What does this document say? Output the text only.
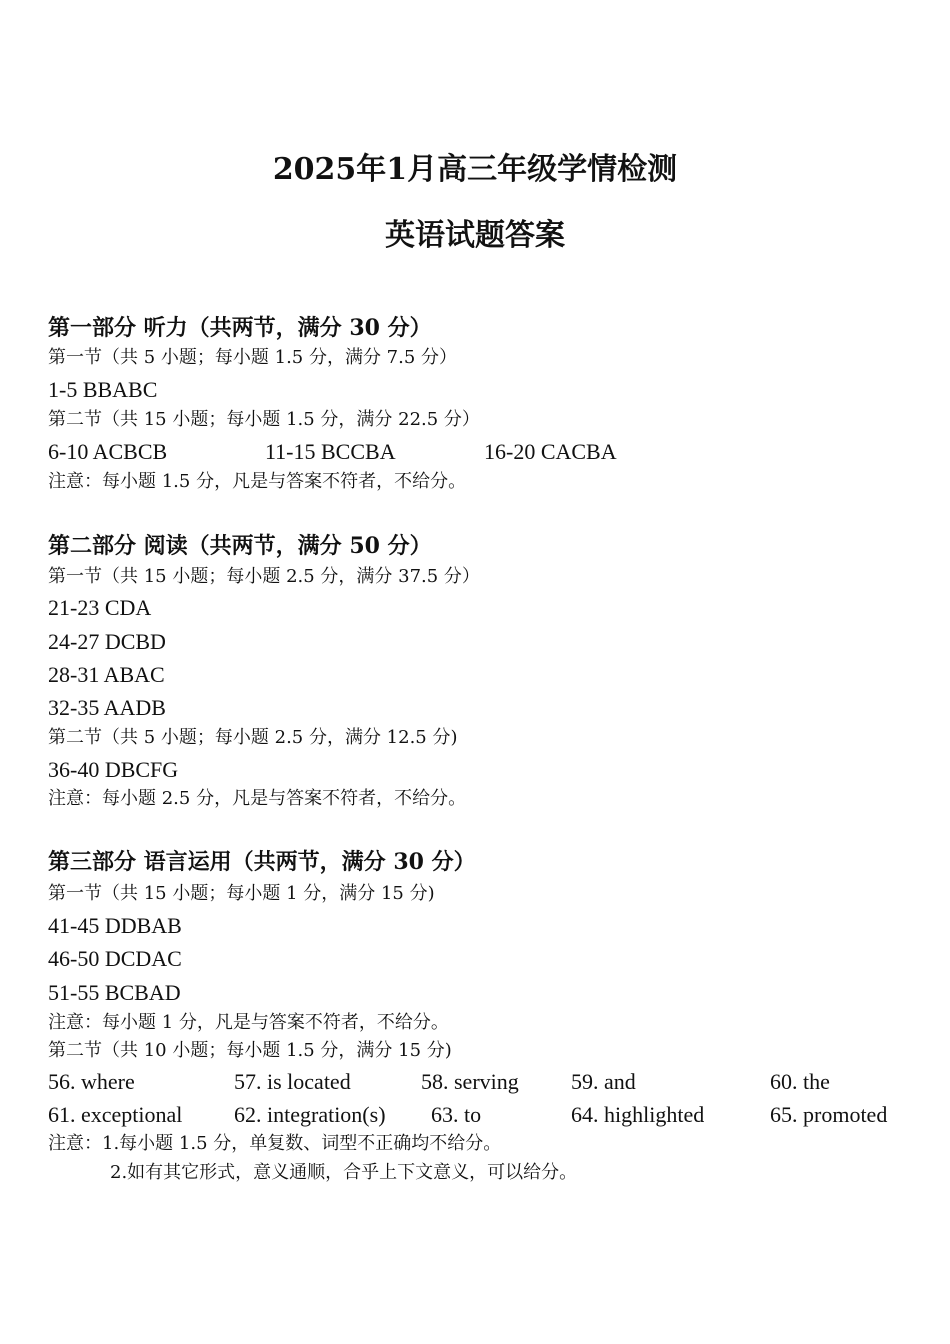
2025年1月高三年级学情检测
英语试题答案
第一部分 听力（共两节，满分 30 分）
第一节（共 5 小题；每小题 1.5 分，满分 7.5 分）
1-5 BBABC
第二节（共 15 小题；每小题 1.5 分，满分 22.5 分）
6-10 ACBCB	11-15 BCCBA	16-20 CACBA
注意：每小题 1.5 分，凡是与答案不符者，不给分。
第二部分 阅读（共两节，满分 50 分）
第一节（共 15 小题；每小题 2.5 分，满分 37.5 分）
21-23 CDA
24-27 DCBD
28-31 ABAC
32-35 AADB
第二节（共 5 小题；每小题 2.5 分，满分 12.5 分)
36-40 DBCFG
注意：每小题 2.5 分，凡是与答案不符者，不给分。
第三部分 语言运用（共两节，满分 30 分）
第一节（共 15 小题；每小题 1 分，满分 15 分)
41-45 DDBAB
46-50 DCDAC
51-55 BCBAD
注意：每小题 1 分，凡是与答案不符者，不给分。
第二节（共 10 小题；每小题 1.5 分，满分 15 分)
56. where	57. is located	58. serving 59. and	60. the
61. exceptional 62. integration(s) 63. to	64. highlighted	65. promoted
注意：1.每小题 1.5 分，单复数、词型不正确均不给分。
2.如有其它形式，意义通顺，合乎上下文意义，可以给分。
